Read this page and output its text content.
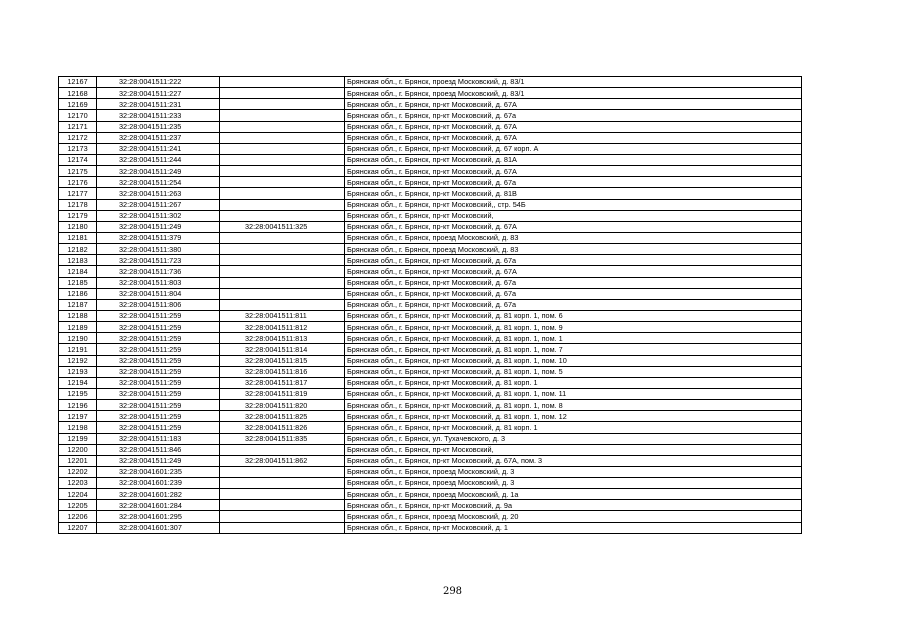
12167	32:28:0041511:222		Брянская обл., г. Брянск, проезд Московский, д. 83/1
12168	32:28:0041511:227		Брянская обл., г. Брянск, проезд Московский, д. 83/1
12169	32:28:0041511:231		Брянская обл., г. Брянск, пр-кт Московский, д. 67А
12170	32:28:0041511:233		Брянская обл., г. Брянск, пр-кт Московский, д. 67а
12171	32:28:0041511:235		Брянская обл., г. Брянск, пр-кт Московский, д. 67А
12172	32:28:0041511:237		Брянская обл., г. Брянск, пр-кт Московский, д. 67А
12173	32:28:0041511:241		Брянская обл., г. Брянск, пр-кт Московский, д. 67 корп. А
12174	32:28:0041511:244		Брянская обл., г. Брянск, пр-кт Московский, д. 81А
12175	32:28:0041511:249		Брянская обл., г. Брянск, пр-кт Московский, д. 67А
12176	32:28:0041511:254		Брянская обл., г. Брянск, пр-кт Московский, д. 67а
12177	32:28:0041511:263		Брянская обл., г. Брянск, пр-кт Московский, д. 81В
12178	32:28:0041511:267		Брянская обл., г. Брянск, пр-кт Московский,, стр. 54Б
12179	32:28:0041511:302		Брянская обл., г. Брянск, пр-кт Московский,
12180	32:28:0041511:249	32:28:0041511:325	Брянская обл., г. Брянск, пр-кт Московский, д. 67А
12181	32:28:0041511:379		Брянская обл., г. Брянск, проезд Московский, д. 83
12182	32:28:0041511:380		Брянская обл., г. Брянск, проезд Московский, д. 83
12183	32:28:0041511:723		Брянская обл., г. Брянск, пр-кт Московский, д. 67а
12184	32:28:0041511:736		Брянская обл., г. Брянск, пр-кт Московский, д. 67А
12185	32:28:0041511:803		Брянская обл., г. Брянск, пр-кт Московский, д. 67а
12186	32:28:0041511:804		Брянская обл., г. Брянск, пр-кт Московский, д. 67а
12187	32:28:0041511:806		Брянская обл., г. Брянск, пр-кт Московский, д. 67а
12188	32:28:0041511:259	32:28:0041511:811	Брянская обл., г. Брянск, пр-кт Московский, д. 81 корп. 1, пом. 6
12189	32:28:0041511:259	32:28:0041511:812	Брянская обл., г. Брянск, пр-кт Московский, д. 81 корп. 1, пом. 9
12190	32:28:0041511:259	32:28:0041511:813	Брянская обл., г. Брянск, пр-кт Московский, д. 81 корп. 1, пом. 1
12191	32:28:0041511:259	32:28:0041511:814	Брянская обл., г. Брянск, пр-кт Московский, д. 81 корп. 1, пом. 7
12192	32:28:0041511:259	32:28:0041511:815	Брянская обл., г. Брянск, пр-кт Московский, д. 81 корп. 1, пом. 10
12193	32:28:0041511:259	32:28:0041511:816	Брянская обл., г. Брянск, пр-кт Московский, д. 81 корп. 1, пом. 5
12194	32:28:0041511:259	32:28:0041511:817	Брянская обл., г. Брянск, пр-кт Московский, д. 81 корп. 1
12195	32:28:0041511:259	32:28:0041511:819	Брянская обл., г. Брянск, пр-кт Московский, д. 81 корп. 1, пом. 11
12196	32:28:0041511:259	32:28:0041511:820	Брянская обл., г. Брянск, пр-кт Московский, д. 81 корп. 1, пом. 8
12197	32:28:0041511:259	32:28:0041511:825	Брянская обл., г. Брянск, пр-кт Московский, д. 81 корп. 1, пом. 12
12198	32:28:0041511:259	32:28:0041511:826	Брянская обл., г. Брянск, пр-кт Московский, д. 81 корп. 1
12199	32:28:0041511:183	32:28:0041511:835	Брянская обл., г. Брянск, ул. Тухачевского, д. 3
12200	32:28:0041511:846		Брянская обл., г. Брянск, пр-кт Московский,
12201	32:28:0041511:249	32:28:0041511:862	Брянская обл., г. Брянск, пр-кт Московский, д. 67А, пом. 3
12202	32:28:0041601:235		Брянская обл., г. Брянск, проезд Московский, д. 3
12203	32:28:0041601:239		Брянская обл., г. Брянск, проезд Московский, д. 3
12204	32:28:0041601:282		Брянская обл., г. Брянск, проезд Московский, д. 1а
12205	32:28:0041601:284		Брянская обл., г. Брянск, пр-кт Московский, д. 9а
12206	32:28:0041601:295		Брянская обл., г. Брянск, проезд Московский, д. 20
12207	32:28:0041601:307		Брянская обл., г. Брянск, пр-кт Московский, д. 1
298
